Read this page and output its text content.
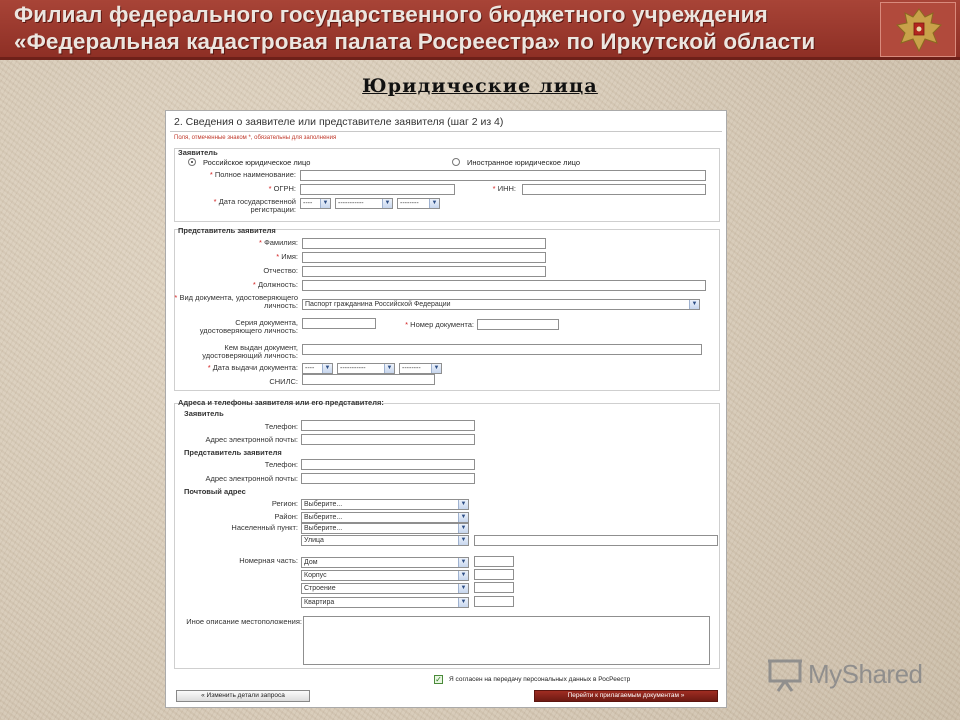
Филиал федерального государственного бюджетного учреждения
«Федеральная кадастровая палата Росреестра» по Иркутской области
Юридические лица
2. Сведения о заявителе или представителе заявителя (шаг 2 из 4)
Поля, отмеченные знаком *, обязательны для заполнения
Заявитель
Российское юридическое лицо	Иностранное юридическое лицо
* Полное наименование:
* ОГРН:	* ИНН:
* Дата государственной регистрации:
----	▼	-----------	▼	--------	▼
Представитель заявителя
* Фамилия:
* Имя:
Отчество:
* Должность:
* Вид документа, удостоверяющего личность:	Паспорт гражданина Российской Федерации	▼
Серия документа, удостоверяющего личность:
* Номер документа:
Кем выдан документ, удостоверяющий личность:
* Дата выдачи документа:	----	▼	-----------	▼	--------	▼
СНИЛС:
Адреса и телефоны заявителя или его представителя:
Заявитель
Телефон:
Адрес электронной почты:
Представитель заявителя
Телефон:
Адрес электронной почты:
Почтовый адрес
Регион: Выберите...	▼
Район: Выберите...	▼
Населенный пункт: Выберите...	▼
Улица	▼
Номерная часть: Дом	▼
Корпус	▼
Строение	▼
Квартира	▼
Иное описание местоположения:
✓ Я согласен на передачу персональных данных в РосРеестр
« Изменить детали запроса	Перейти к прилагаемым документам »
MyShared
